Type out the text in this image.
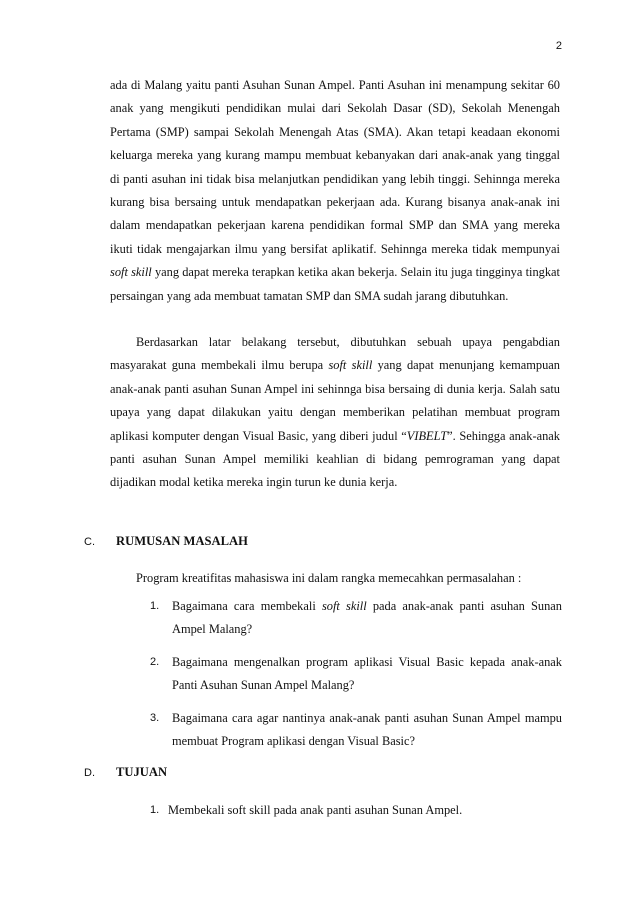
2
ada di Malang yaitu panti Asuhan Sunan Ampel. Panti Asuhan ini menampung sekitar 60 anak yang mengikuti pendidikan mulai dari Sekolah Dasar (SD), Sekolah Menengah Pertama (SMP) sampai Sekolah Menengah Atas (SMA). Akan tetapi keadaan ekonomi keluarga mereka yang kurang mampu membuat kebanyakan dari anak-anak yang tinggal di panti asuhan ini tidak bisa melanjutkan pendidikan yang lebih tinggi. Sehinnga mereka kurang bisa bersaing untuk mendapatkan pekerjaan ada. Kurang bisanya anak-anak ini dalam mendapatkan pekerjaan karena pendidikan formal SMP dan SMA yang mereka ikuti tidak mengajarkan ilmu yang bersifat aplikatif. Sehinnga mereka tidak mempunyai soft skill yang dapat mereka terapkan ketika akan bekerja. Selain itu juga tingginya tingkat persaingan yang ada membuat tamatan SMP dan SMA sudah jarang dibutuhkan.
Berdasarkan latar belakang tersebut, dibutuhkan sebuah upaya pengabdian masyarakat guna membekali ilmu berupa soft skill yang dapat menunjang kemampuan anak-anak panti asuhan Sunan Ampel ini sehinnga bisa bersaing di dunia kerja. Salah satu upaya yang dapat dilakukan yaitu dengan memberikan pelatihan membuat program aplikasi komputer dengan Visual Basic, yang diberi judul “VIBELT”. Sehingga anak-anak panti asuhan Sunan Ampel memiliki keahlian di bidang pemrograman yang dapat dijadikan modal ketika mereka ingin turun ke dunia kerja.
C. RUMUSAN MASALAH
Program kreatifitas mahasiswa ini dalam rangka memecahkan permasalahan :
1. Bagaimana cara membekali soft skill pada anak-anak panti asuhan Sunan Ampel Malang?
2. Bagaimana mengenalkan program aplikasi Visual Basic kepada anak-anak Panti Asuhan Sunan Ampel Malang?
3. Bagaimana cara agar nantinya anak-anak panti asuhan Sunan Ampel mampu membuat Program aplikasi dengan Visual Basic?
D. TUJUAN
1. Membekali soft skill pada anak panti asuhan Sunan Ampel.
